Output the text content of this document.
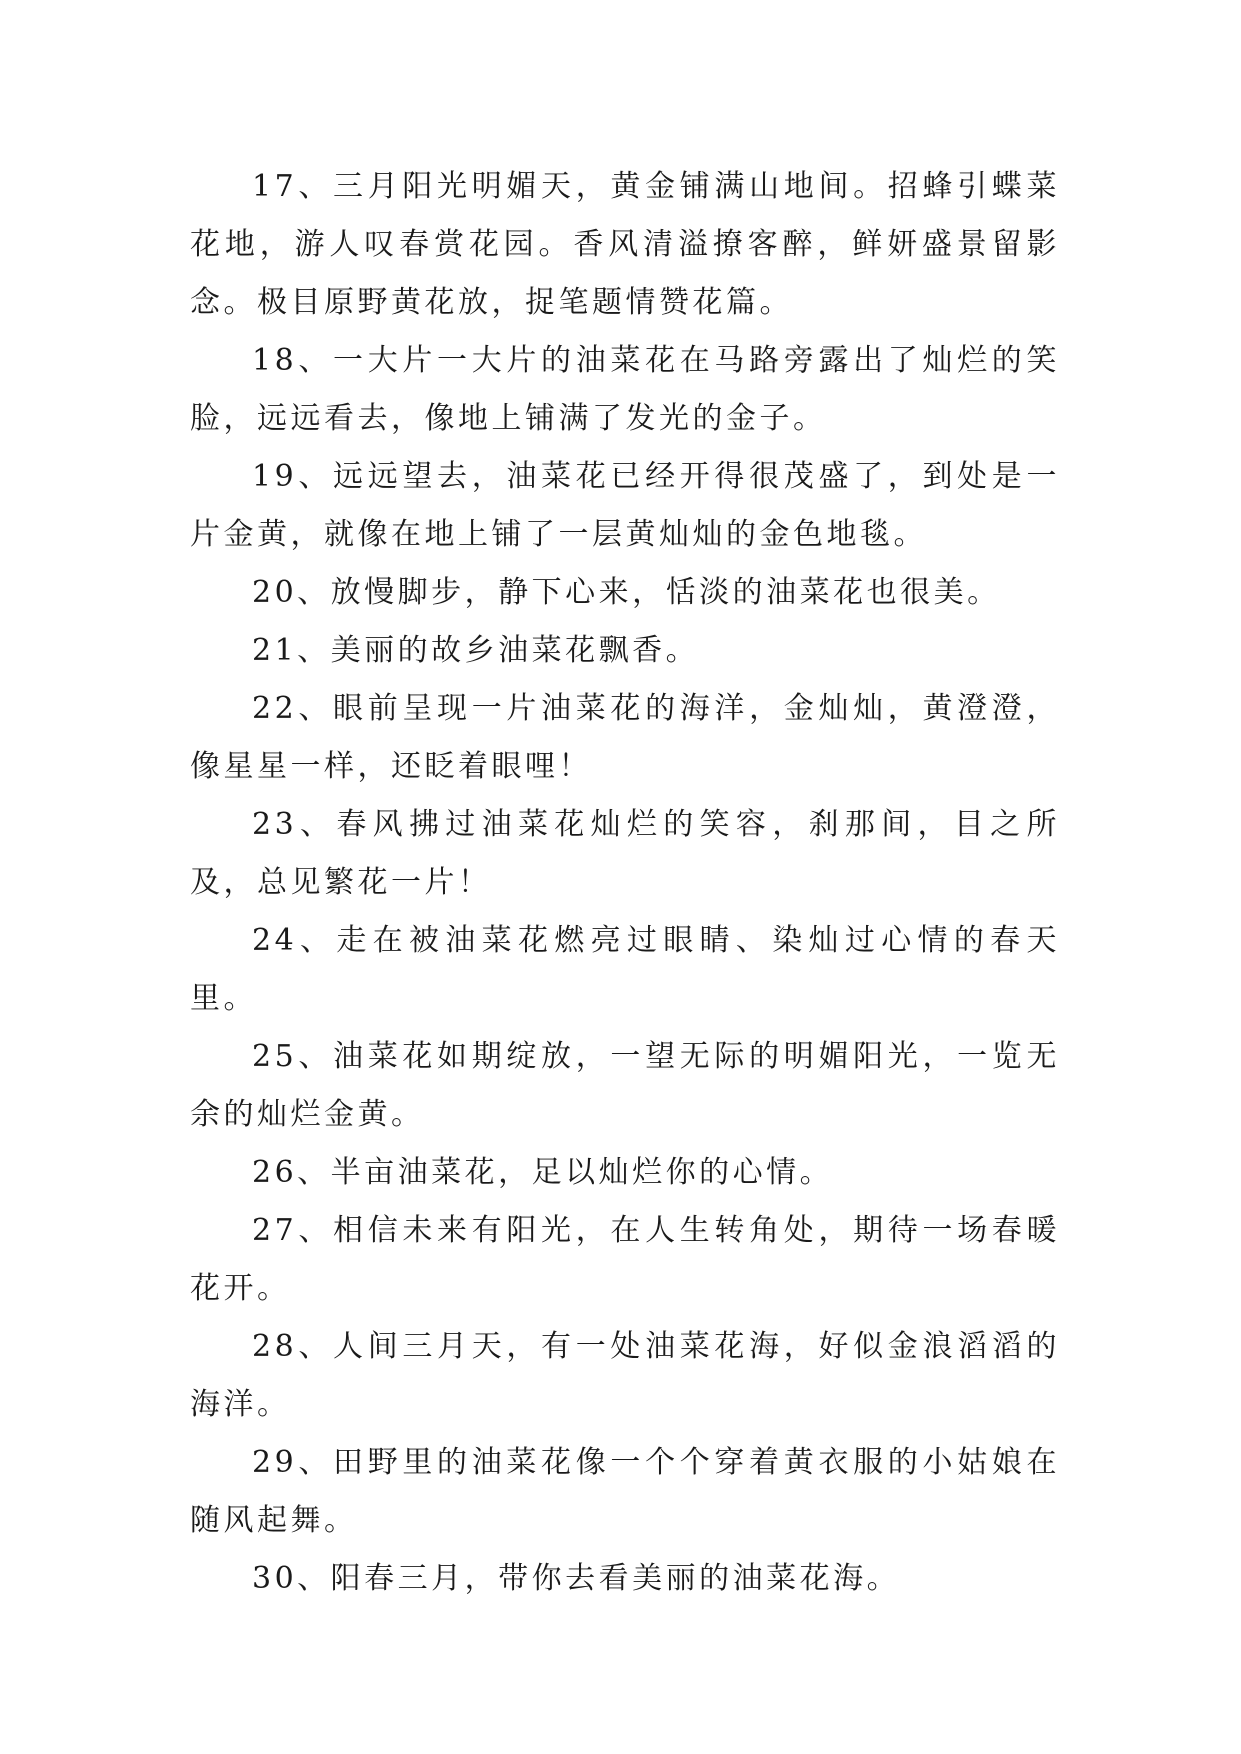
17、三月阳光明媚天，黄金铺满山地间。招蜂引蝶菜花地，游人叹春赏花园。香风清溢撩客醉，鲜妍盛景留影念。极目原野黄花放，捉笔题情赞花篇。

18、一大片一大片的油菜花在马路旁露出了灿烂的笑脸，远远看去，像地上铺满了发光的金子。

19、远远望去，油菜花已经开得很茂盛了，到处是一片金黄，就像在地上铺了一层黄灿灿的金色地毯。

20、放慢脚步，静下心来，恬淡的油菜花也很美。

21、美丽的故乡油菜花飘香。

22、眼前呈现一片油菜花的海洋，金灿灿，黄澄澄，像星星一样，还眨着眼哩！

23、春风拂过油菜花灿烂的笑容，刹那间，目之所及，总见繁花一片！

24、走在被油菜花燃亮过眼睛、染灿过心情的春天里。

25、油菜花如期绽放，一望无际的明媚阳光，一览无余的灿烂金黄。

26、半亩油菜花，足以灿烂你的心情。

27、相信未来有阳光，在人生转角处，期待一场春暖花开。

28、人间三月天，有一处油菜花海，好似金浪滔滔的海洋。

29、田野里的油菜花像一个个穿着黄衣服的小姑娘在随风起舞。

30、阳春三月，带你去看美丽的油菜花海。
